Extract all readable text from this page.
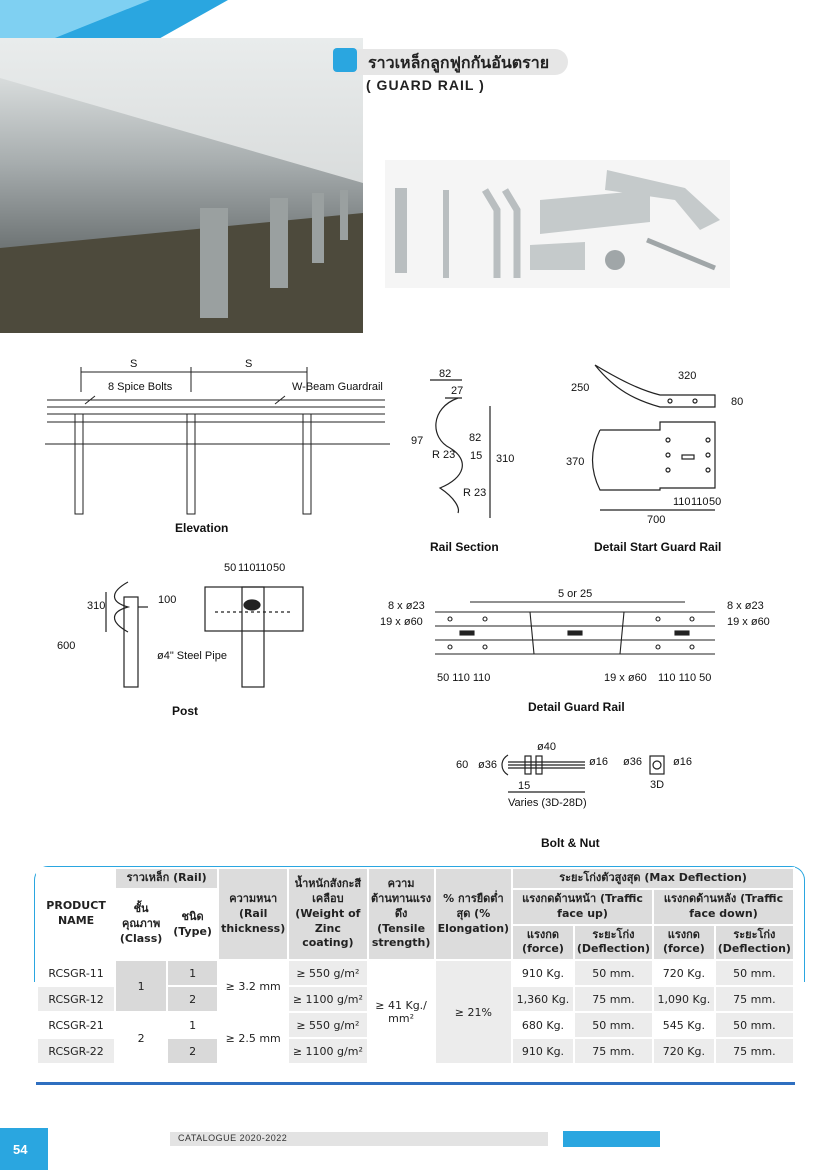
ราวเหล็กลูกฟูกกันอันตราย
( GUARD RAIL )
S	S
8 Spice Bolts	W-Beam Guardrail
Elevation
82
27
97	82
R 23 15 310
R 23
Rail Section
250
320
80
370
110 110 50
700
Detail Start Guard Rail
310	100
600
50 110 110 50
ø4" Steel Pipe
Post
5 or 25
8 x ø23
19 x ø60
8 x ø23
19 x ø60
19 x ø60
50 110 110	110 110 50
Detail Guard Rail
ø40
60 ø36	ø16
15
ø36	ø16
3D
Varies (3D-28D)
Bolt & Nut
PRODUCT NAME	ราวเหล็ก (Rail)		ความหนา (Rail thickness)	น้ำหนักสังกะสีเคลือบ (Weight of Zinc coating)	ความต้านทานแรงดึง (Tensile strength)	% การยืดต่ำสุด (% Elongation)	ระยะโก่งตัวสูงสุด (Max Deflection)			
	ชั้นคุณภาพ (Class)	ชนิด (Type)					แรงกดด้านหน้า (Traffic face up)		แรงกดด้านหลัง (Traffic face down)	
							แรงกด (force)	ระยะโก่ง (Deflection)	แรงกด (force)	ระยะโก่ง (Deflection)
RCSGR-11	1	1	≥ 3.2 mm	≥ 550 g/m²	≥ 41 Kg./ mm²	≥ 21%	910 Kg.	50 mm.	720 Kg.	50 mm.
RCSGR-12		2		≥ 1100 g/m²			1,360 Kg.	75 mm.	1,090 Kg.	75 mm.
RCSGR-21	2	1	≥ 2.5 mm	≥ 550 g/m²			680 Kg.	50 mm.	545 Kg.	50 mm.
RCSGR-22		2		≥ 1100 g/m²			910 Kg.	75 mm.	720 Kg.	75 mm.
54
CATALOGUE 2020-2022
